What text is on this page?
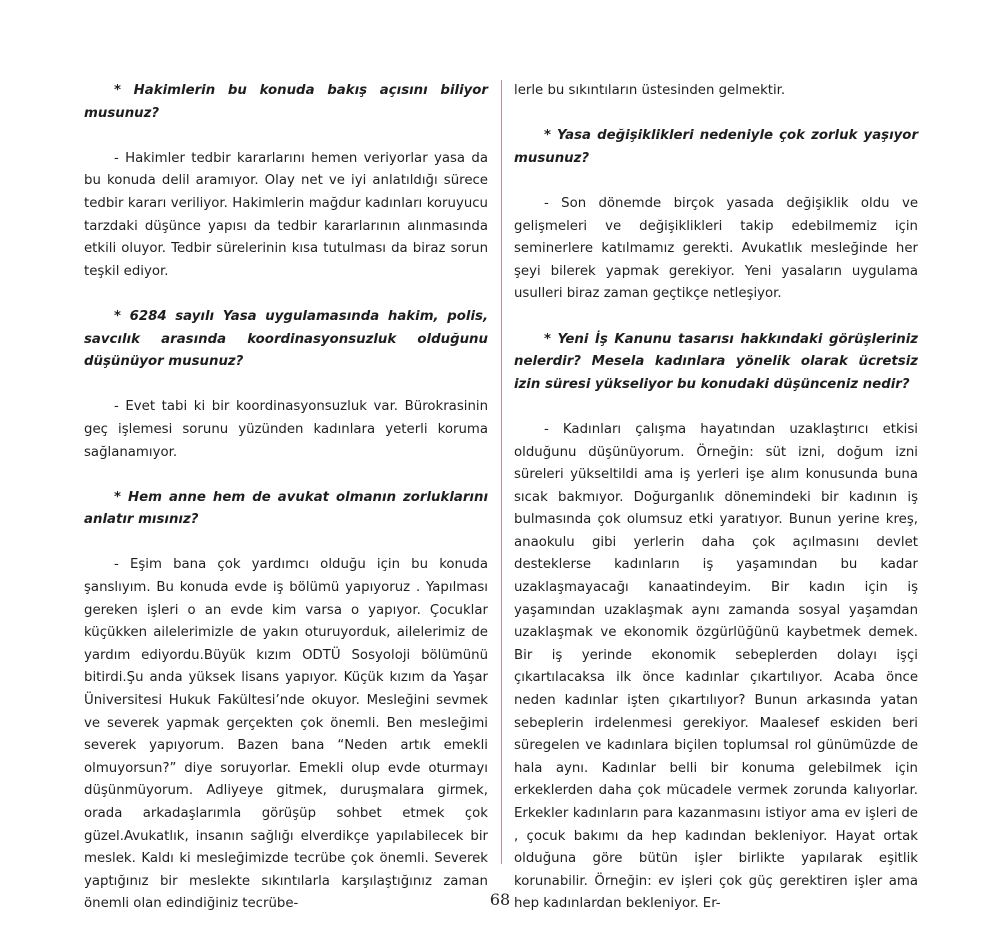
* Hakimlerin bu konuda bakış açısını biliyor musunuz?

- Hakimler tedbir kararlarını hemen veriyorlar yasa da bu konuda delil aramıyor. Olay net ve iyi anlatıldığı sürece tedbir kararı veriliyor. Hakimlerin mağdur kadınları koruyucu tarzdaki düşünce yapısı da tedbir kararlarının alınmasında etkili oluyor. Tedbir sürelerinin kısa tutulması da biraz sorun teşkil ediyor.

* 6284 sayılı Yasa uygulamasında hakim, polis, savcılık arasında koordinasyonsuzluk olduğunu düşünüyor musunuz?

- Evet tabi ki bir koordinasyonsuzluk var. Bürokrasinin geç işlemesi sorunu yüzünden kadınlara yeterli koruma sağlanamıyor.

* Hem anne hem de avukat olmanın zorluklarını anlatır mısınız?

- Eşim bana çok yardımcı olduğu için bu konuda şanslıyım. Bu konuda evde iş bölümü yapıyoruz . Yapılması gereken işleri o an evde kim varsa o yapıyor. Çocuklar küçükken ailelerimizle de yakın oturuyorduk, ailelerimiz de yardım ediyordu.Büyük kızım ODTÜ Sosyoloji bölümünü bitirdi.Şu anda yüksek lisans yapıyor. Küçük kızım da Yaşar Üniversitesi Hukuk Fakültesi’nde okuyor. Mesleğini sevmek ve severek yapmak gerçekten çok önemli. Ben mesleğimi severek yapıyorum. Bazen bana “Neden artık emekli olmuyorsun?” diye soruyorlar. Emekli olup evde oturmayı düşünmüyorum. Adliyeye gitmek, duruşmalara girmek, orada arkadaşlarımla görüşüp sohbet etmek çok güzel.Avukatlık, insanın sağlığı elverdikçe yapılabilecek bir meslek. Kaldı ki mesleğimizde tecrübe çok önemli. Severek yaptığınız bir meslekte sıkıntılarla karşılaştığınız zaman önemli olan edindiğiniz tecrübe-

lerle bu sıkıntıların üstesinden gelmektir.

* Yasa değişiklikleri nedeniyle çok zorluk yaşıyor musunuz?

- Son dönemde birçok yasada değişiklik oldu ve gelişmeleri ve değişiklikleri takip edebilmemiz için seminerlere katılmamız gerekti. Avukatlık mesleğinde her şeyi bilerek yapmak gerekiyor. Yeni yasaların uygulama usulleri biraz zaman geçtikçe netleşiyor.

* Yeni İş Kanunu tasarısı hakkındaki görüşleriniz nelerdir? Mesela kadınlara yönelik olarak ücretsiz izin süresi yükseliyor bu konudaki düşünceniz nedir?

- Kadınları çalışma hayatından uzaklaştırıcı etkisi olduğunu düşünüyorum. Örneğin: süt izni, doğum izni süreleri yükseltildi ama iş yerleri işe alım konusunda buna sıcak bakmıyor. Doğurganlık dönemindeki bir kadının iş bulmasında çok olumsuz etki yaratıyor. Bunun yerine kreş, anaokulu gibi yerlerin daha çok açılmasını devlet desteklerse kadınların iş yaşamından bu kadar uzaklaşmayacağı kanaatindeyim. Bir kadın için iş yaşamından uzaklaşmak aynı zamanda sosyal yaşamdan uzaklaşmak ve ekonomik özgürlüğünü kaybetmek demek. Bir iş yerinde ekonomik sebeplerden dolayı işçi çıkartılacaksa ilk önce kadınlar çıkartılıyor. Acaba önce neden kadınlar işten çıkartılıyor? Bunun arkasında yatan sebeplerin irdelenmesi gerekiyor. Maalesef eskiden beri süregelen ve kadınlara biçilen toplumsal rol günümüzde de hala aynı. Kadınlar belli bir konuma gelebilmek için erkeklerden daha çok mücadele vermek zorunda kalıyorlar. Erkekler kadınların para kazanmasını istiyor ama ev işleri de , çocuk bakımı da hep kadından bekleniyor. Hayat ortak olduğuna göre bütün işler birlikte yapılarak eşitlik korunabilir. Örneğin: ev işleri çok güç gerektiren işler ama hep kadınlardan bekleniyor. Er-

68
